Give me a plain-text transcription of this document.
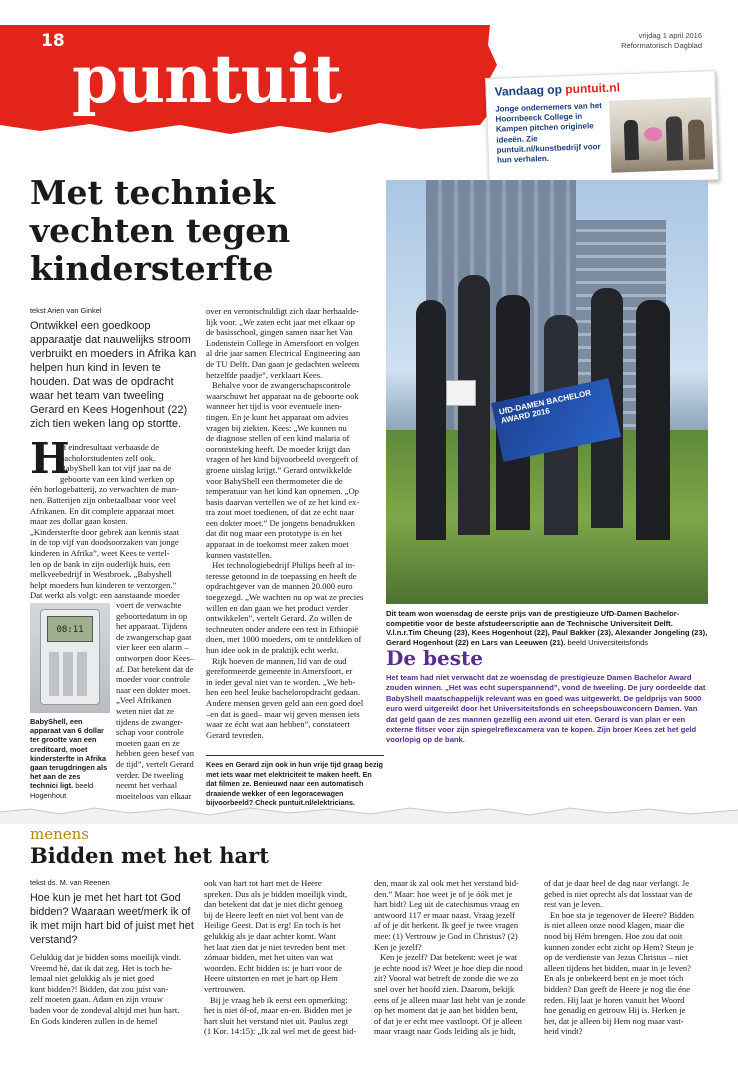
18 puntuit
vrijdag 1 april 2016
Reformatorisch Dagblad
Vandaag op puntuit.nl
Jonge ondernemers van het Hoornbeeck College in Kampen pitchen originele ideeën. Zie puntuit.nl/kunstbedrijf voor hun verhalen.
Met techniek vechten tegen kindersterfte
UfD-DAMEN BACHELOR AWARD 2016
Dit team won woensdag de eerste prijs van de prestigieuze UfD-Damen Bachelor-competitie voor de beste afstudeerscriptie aan de Technische Universiteit Delft. V.l.n.r.Tim Cheung (23), Kees Hogenhout (22), Paul Bakker (23), Alexander Jongeling (23), Gerard Hogenhout (22) en Lars van Leeuwen (21). beeld Universiteitsfonds
tekst Arien van Ginkel
Ontwikkel een goedkoop apparaatje dat nauwelijks stroom verbruikt en moeders in Afrika kan helpen hun kind in leven te houden. Dat was de opdracht waar het team van tweeling Gerard en Kees Hogenhout (22) zich tien weken lang op stortte.
H
et eindresultaat verbaasde de
bacholorstudenten zelf ook.
BabyShell kan tot vijf jaar na de
geboorte van een kind werken op
één horlogebatterij, zo verwachten de man-
nen. Batterijen zijn onbetaalbaar voor veel
Afrikanen. En dit complete apparaat moet
maar zes dollar gaan kosten.
„Kindersterfte door gebrek aan kennis staat
in de top vijf van doodsoorzaken van jonge
kinderen in Afrika”, weet Kees te vertel-
len op de bank in zijn ouderlijk huis, een
melkveebedrijf in Westbroek. „Babyshell
helpt moeders hun kinderen te verzorgen.”
Dat werkt als volgt: een aanstaande moeder
08:11
voert de verwachte
geboortedatum in op
het apparaat. Tijdens
de zwangerschap gaat
vier keer een alarm –
ontworpen door Kees–
af. Dat betekent dat de
moeder voor controle
naar een dokter moet.
„Veel Afrikanen
weten niet dat ze
tijdens de zwanger-
schap voor controle
moeten gaan en ze
hebben geen besef van
de tijd”, vertelt Gerard
verder. De tweeling
neemt het verhaal
moeiteloos van elkaar
BabyShell, een apparaat van 6 dollar ter grootte van een creditcard, moet kindersterfte in Afrika gaan terugdringen als het aan de zes technici ligt. beeld Hogenhout
over en verontschuldigt zich daar herhaalde-
lijk voor. „We zaten echt jaar met elkaar op
de basisschool, gingen samen naar het Van
Lodenstein College in Amersfoort en volgen
al drie jaar samen Electrical Engineering aan
de TU Delft. Dan gaan je gedachten weleens
hetzelfde paadje”, verklaart Kees.
Behalve voor de zwangerschapscontrole
waarschuwt het apparaat na de geboorte ook
wanneer het tijd is voor eventuele inen-
tingen. En je kunt het apparaat om advies
vragen bij ziekten. Kees: „We kunnen nu
de diagnose stellen of een kind malaria of
oorontsteking heeft. De moeder krijgt dan
vragen of het kind bijvoorbeeld overgeeft of
groene uitslag krijgt.” Gerard ontwikkelde
voor BabyShell een thermometer die de
temperatuur van het kind kan opnemen. „Op
basis daarvan vertellen we of ze het kind ex-
tra zout moet toedienen, of dat ze echt naar
een dokter moet.” De jongens benadrukken
dat dit nog maar een prototype is en het
apparaat in de toekomst meer zaken moet
kunnen vaststellen.
Het technologiebedrijf Philips heeft al in-
teresse getoond in de toepassing en heeft de
opdrachtgever van de mannen 20.000 euro
toegezegd. „We wachten nu op wat ze precies
willen en dan gaan we het product verder
ontwikkelen”, vertelt Gerard. Zo willen de
techneuten onder andere een test in Ethiopië
doen, met 1000 moeders, om te ontdekken of
hun idee ook in de praktijk echt werkt.
Rijk hoeven de mannen, lid van de oud
gereformeerde gemeente in Amersfoort, er
in ieder geval niet van te worden. „We heb-
ben een heel leuke bacheloropdracht gedaan.
Andere mensen geven geld aan een goed doel
–en dat is goed– maar wij geven mensen iets
waar ze écht wat aan hebben”, constateert
Gerard tevreden.
Kees en Gerard zijn ook in hun vrije tijd graag bezig met iets waar met elektriciteit te maken heeft. En dat filmen ze. Benieuwd naar een automatisch draaiende wekker of een legoracewagen bijvoorbeeld? Check puntuit.nl/elektricians.
De beste
Het team had niet verwacht dat ze woensdag de prestigieuze Damen Bachelor Award zouden winnen. „Het was echt superspannend”, vond de tweeling. De jury oordeelde dat BabyShell maatschappelijk relevant was en goed was uitgewerkt. De geldprijs van 5000 euro werd uitgereikt door het Universiteitsfonds en scheepsbouwconcern Damen. Van dat geld gaan de zes mannen gezellig een avond uit eten. Gerard is van plan er een externe flitser voor zijn spiegelreflexcamera van te kopen. Zijn broer Kees zet het geld voorlopig op de bank.
menens
Bidden met het hart
tekst ds. M. van Reenen
Hoe kun je met het hart tot God bidden? Waaraan weet/merk ik of ik met mijn hart bid of juist met het verstand?
Gelukkig dat je bidden soms moeilijk vindt.
Vreemd hè, dat ik dat zeg. Het is toch he-
lemaal niet gelukkig als je niet goed
kunt bidden?! Bidden, dat zou juist van-
zelf moeten gaan. Adam en zijn vrouw
baden voor de zondeval altijd met hun hart.
En Gods kinderen zullen in de hemel
ook van hart tot hart met de Heere
spreken. Dus als je bidden moeilijk vindt,
dan betekent dat dat je niet dicht genoeg
bij de Heere leeft en niet vol bent van de
Heilige Geest. Dat is erg! En toch is het
gelukkig als je daar achter komt. Want
het laat zien dat je niet tevreden bent met
zómaar bidden, met het uiten van wat
woorden. Echt bidden is: je hart voor de
Heere uitstorten en met je hart op Hem
vertrouwen.
Bij je vraag heb ik eerst een opmerking:
het is niet óf-of, maar en-en. Bidden met je
hart sluit het verstand niet uit. Paulus zegt
(1 Kor. 14:15): „Ik zal wel met de geest bid-
den, maar ik zal ook met het verstand bid-
den.” Maar: hoe weet je of je óók met je
hart bidt? Leg uit de catechismus vraag en
antwoord 117 er maar naast. Vraag jezelf
af of je dit herkent. Ik geef je twee vragen
mee: (1) Vertrouw je God in Christus? (2)
Ken je jezelf?
Ken je jezelf? Dat betekent: weet je wat
je echte nood is? Weet je hoe diep die nood
zit? Vooral wat betreft de zonde die we zo
snel over het hoofd zien. Daarom, bekijk
eens of je alleen maar last hebt van je zonde
op het moment dat je aan het bidden bent,
of dat je er echt mee vastloopt. Of je alleen
maar vraagt naar Gods leiding als je bidt,
of dat je daar heel de dag naar verlangt. Je
gebed is niet oprecht als dat losstaat van de
rest van je leven.
En hoe sta je tegenover de Heere? Bidden
is niet alleen onze nood klagen, maar die
nood bij Hém brengen. Hoe zou dat ooit
kunnen zonder echt zicht op Hem? Steun je
op de verdienste van Jezus Christus – niet
alleen tijdens het bidden, maar in je leven?
En als je onbekeerd bent en je moet tóch
bidden? Dan geeft de Heere je nog die éne
reden. Hij laat je horen vanuit het Woord
hoe genadig en getrouw Hij is. Herken je
het, dat je alleen bij Hem nog maar vast-
heid vindt?
